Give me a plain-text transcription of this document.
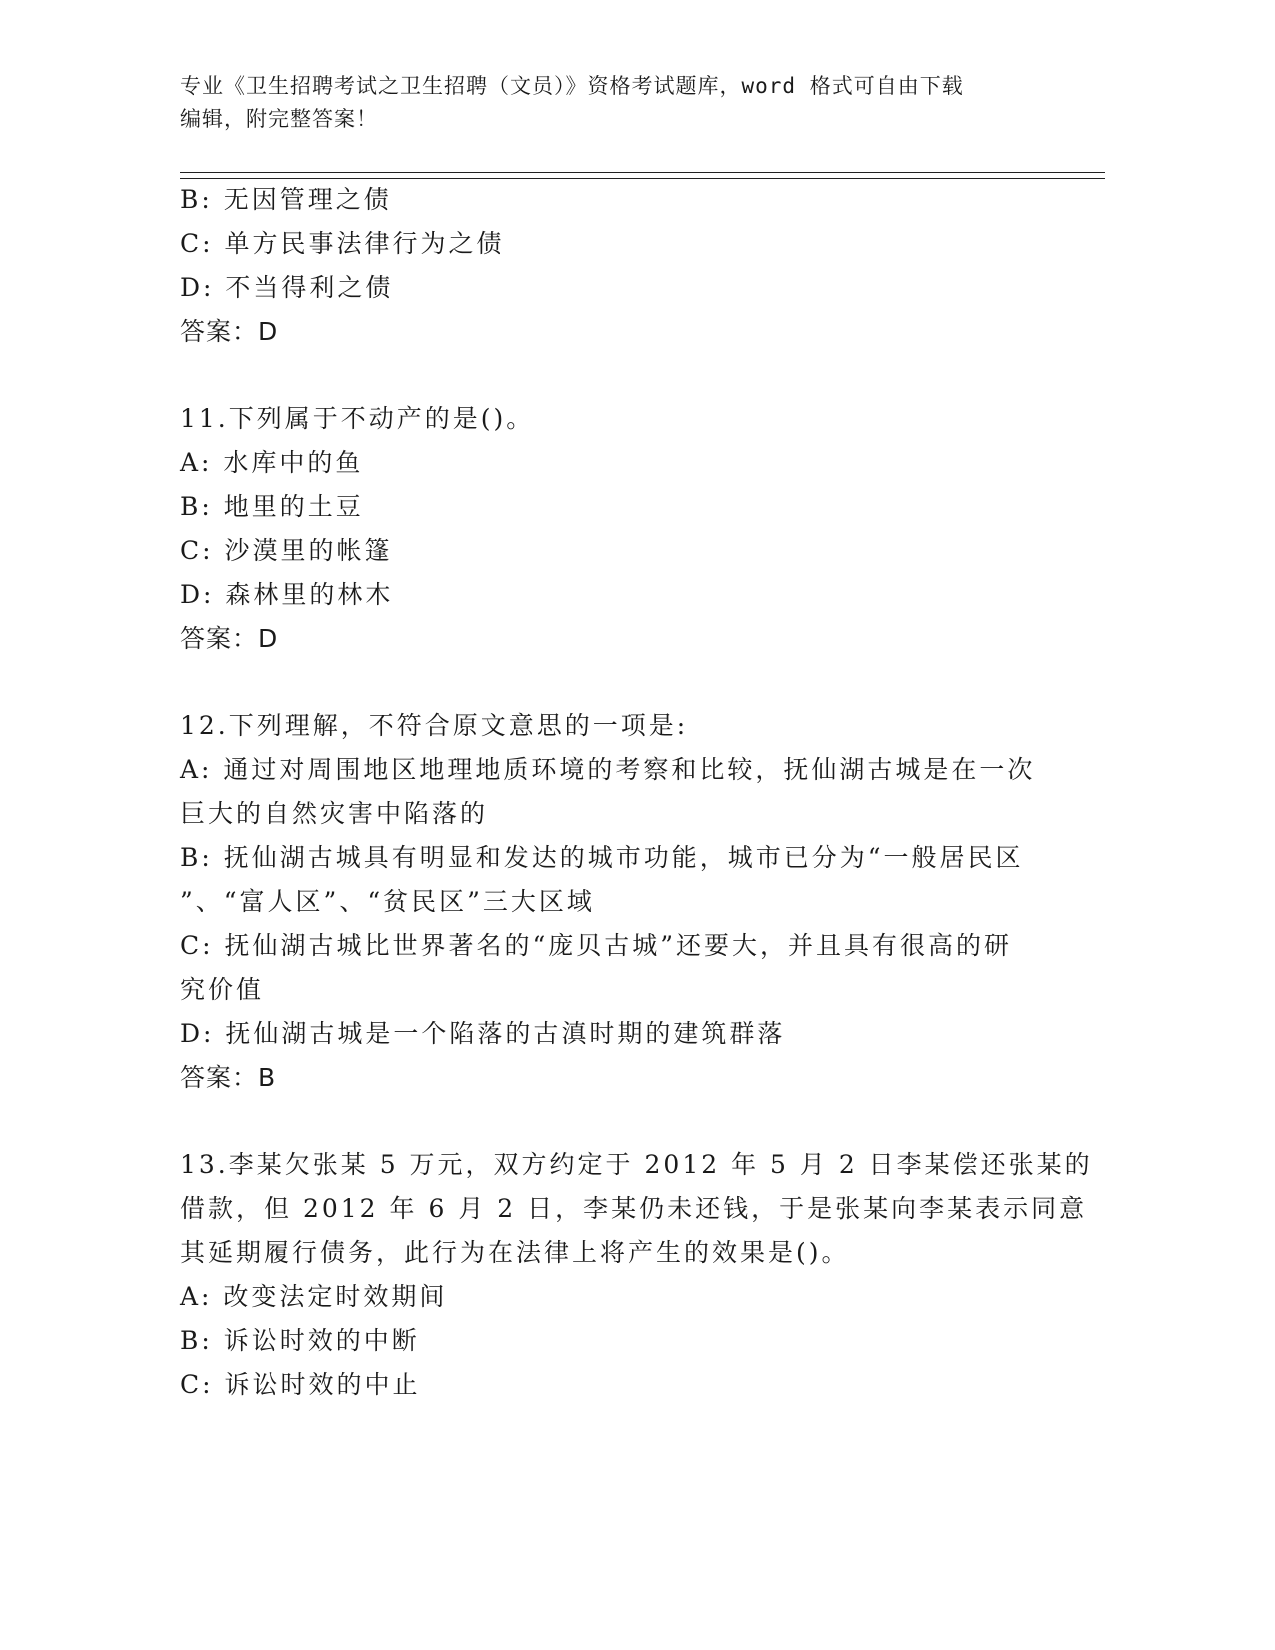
专业《卫生招聘考试之卫生招聘（文员）》资格考试题库，word 格式可自由下载
编辑，附完整答案！
B: 无因管理之债
C: 单方民事法律行为之债
D: 不当得利之债
答案：D
11.下列属于不动产的是()。
A: 水库中的鱼
B: 地里的土豆
C: 沙漠里的帐篷
D: 森林里的林木
答案：D
12.下列理解，不符合原文意思的一项是:
A: 通过对周围地区地理地质环境的考察和比较，抚仙湖古城是在一次
巨大的自然灾害中陷落的
B: 抚仙湖古城具有明显和发达的城市功能，城市已分为“一般居民区
”、“富人区”、“贫民区”三大区域
C: 抚仙湖古城比世界著名的“庞贝古城”还要大，并且具有很高的研
究价值
D: 抚仙湖古城是一个陷落的古滇时期的建筑群落
答案：B
13.李某欠张某 5 万元，双方约定于 2012 年 5 月 2 日李某偿还张某的
借款，但 2012 年 6 月 2 日，李某仍未还钱，于是张某向李某表示同意
其延期履行债务，此行为在法律上将产生的效果是()。
A: 改变法定时效期间
B: 诉讼时效的中断
C: 诉讼时效的中止
